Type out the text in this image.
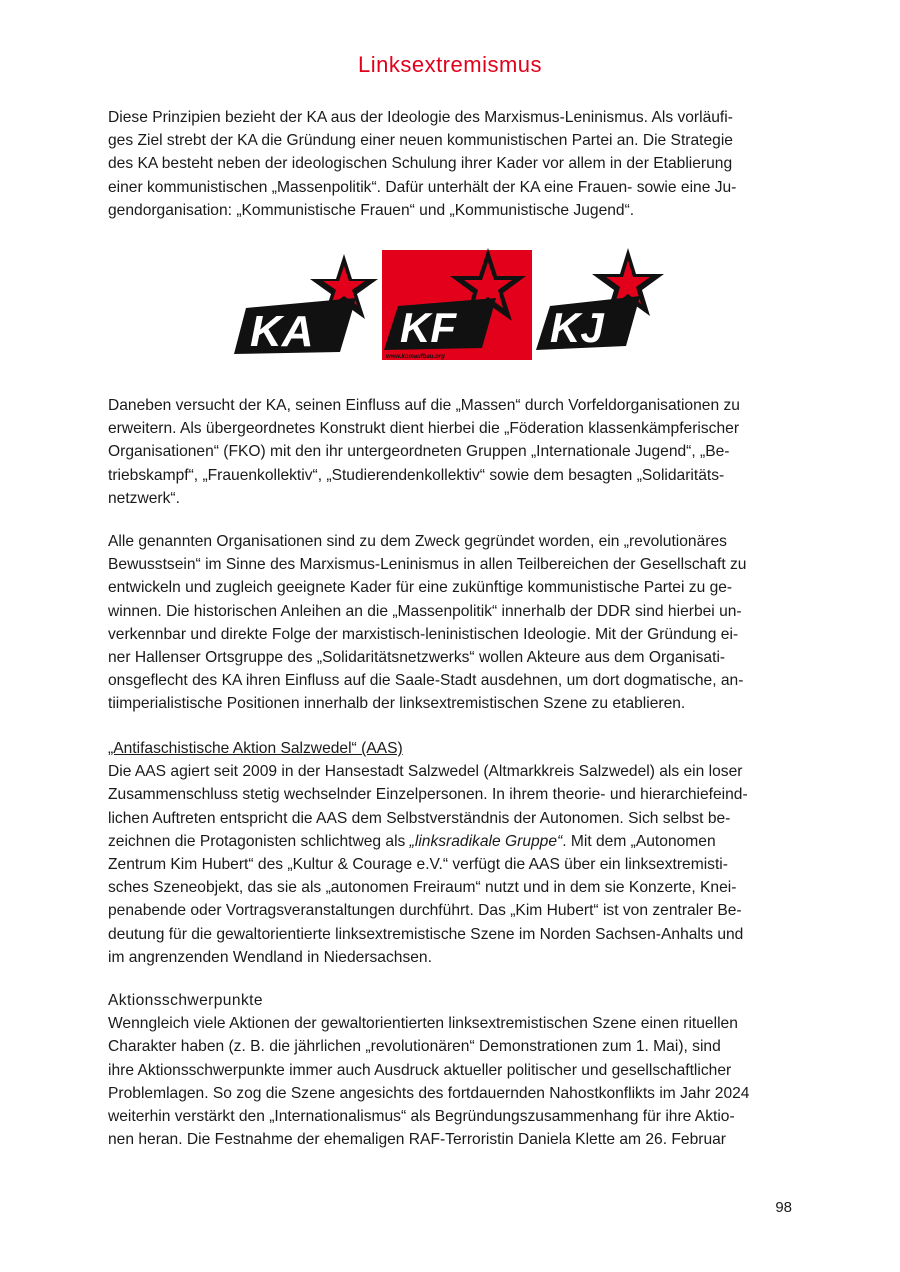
Linksextremismus

Diese Prinzipien bezieht der KA aus der Ideologie des Marxismus-Leninismus. Als vorläufi-
ges Ziel strebt der KA die Gründung einer neuen kommunistischen Partei an. Die Strategie
des KA besteht neben der ideologischen Schulung ihrer Kader vor allem in der Etablierung
einer kommunistischen „Massenpolitik“. Dafür unterhält der KA eine Frauen- sowie eine Ju-
gendorganisation: „Kommunistische Frauen“ und „Kommunistische Jugend“.

KA KF
www.komaufbau.org
KJ

Daneben versucht der KA, seinen Einfluss auf die „Massen“ durch Vorfeldorganisationen zu
erweitern. Als übergeordnetes Konstrukt dient hierbei die „Föderation klassenkämpferischer
Organisationen“ (FKO) mit den ihr untergeordneten Gruppen „Internationale Jugend“, „Be-
triebskampf“, „Frauenkollektiv“, „Studierendenkollektiv“ sowie dem besagten „Solidaritäts-
netzwerk“.

Alle genannten Organisationen sind zu dem Zweck gegründet worden, ein „revolutionäres
Bewusstsein“ im Sinne des Marxismus-Leninismus in allen Teilbereichen der Gesellschaft zu
entwickeln und zugleich geeignete Kader für eine zukünftige kommunistische Partei zu ge-
winnen. Die historischen Anleihen an die „Massenpolitik“ innerhalb der DDR sind hierbei un-
verkennbar und direkte Folge der marxistisch-leninistischen Ideologie. Mit der Gründung ei-
ner Hallenser Ortsgruppe des „Solidaritätsnetzwerks“ wollen Akteure aus dem Organisati-
onsgeflecht des KA ihren Einfluss auf die Saale-Stadt ausdehnen, um dort dogmatische, an-
tiimperialistische Positionen innerhalb der linksextremistischen Szene zu etablieren.

„Antifaschistische Aktion Salzwedel“ (AAS)
Die AAS agiert seit 2009 in der Hansestadt Salzwedel (Altmarkkreis Salzwedel) als ein loser
Zusammenschluss stetig wechselnder Einzelpersonen. In ihrem theorie- und hierarchiefeind-
lichen Auftreten entspricht die AAS dem Selbstverständnis der Autonomen. Sich selbst be-
zeichnen die Protagonisten schlichtweg als „linksradikale Gruppe“. Mit dem „Autonomen
Zentrum Kim Hubert“ des „Kultur & Courage e.V.“ verfügt die AAS über ein linksextremisti-
sches Szeneobjekt, das sie als „autonomen Freiraum“ nutzt und in dem sie Konzerte, Knei-
penabende oder Vortragsveranstaltungen durchführt. Das „Kim Hubert“ ist von zentraler Be-
deutung für die gewaltorientierte linksextremistische Szene im Norden Sachsen-Anhalts und
im angrenzenden Wendland in Niedersachsen.

Aktionsschwerpunkte
Wenngleich viele Aktionen der gewaltorientierten linksextremistischen Szene einen rituellen
Charakter haben (z. B. die jährlichen „revolutionären“ Demonstrationen zum 1. Mai), sind
ihre Aktionsschwerpunkte immer auch Ausdruck aktueller politischer und gesellschaftlicher
Problemlagen. So zog die Szene angesichts des fortdauernden Nahostkonflikts im Jahr 2024
weiterhin verstärkt den „Internationalismus“ als Begründungszusammenhang für ihre Aktio-
nen heran. Die Festnahme der ehemaligen RAF-Terroristin Daniela Klette am 26. Februar

98
